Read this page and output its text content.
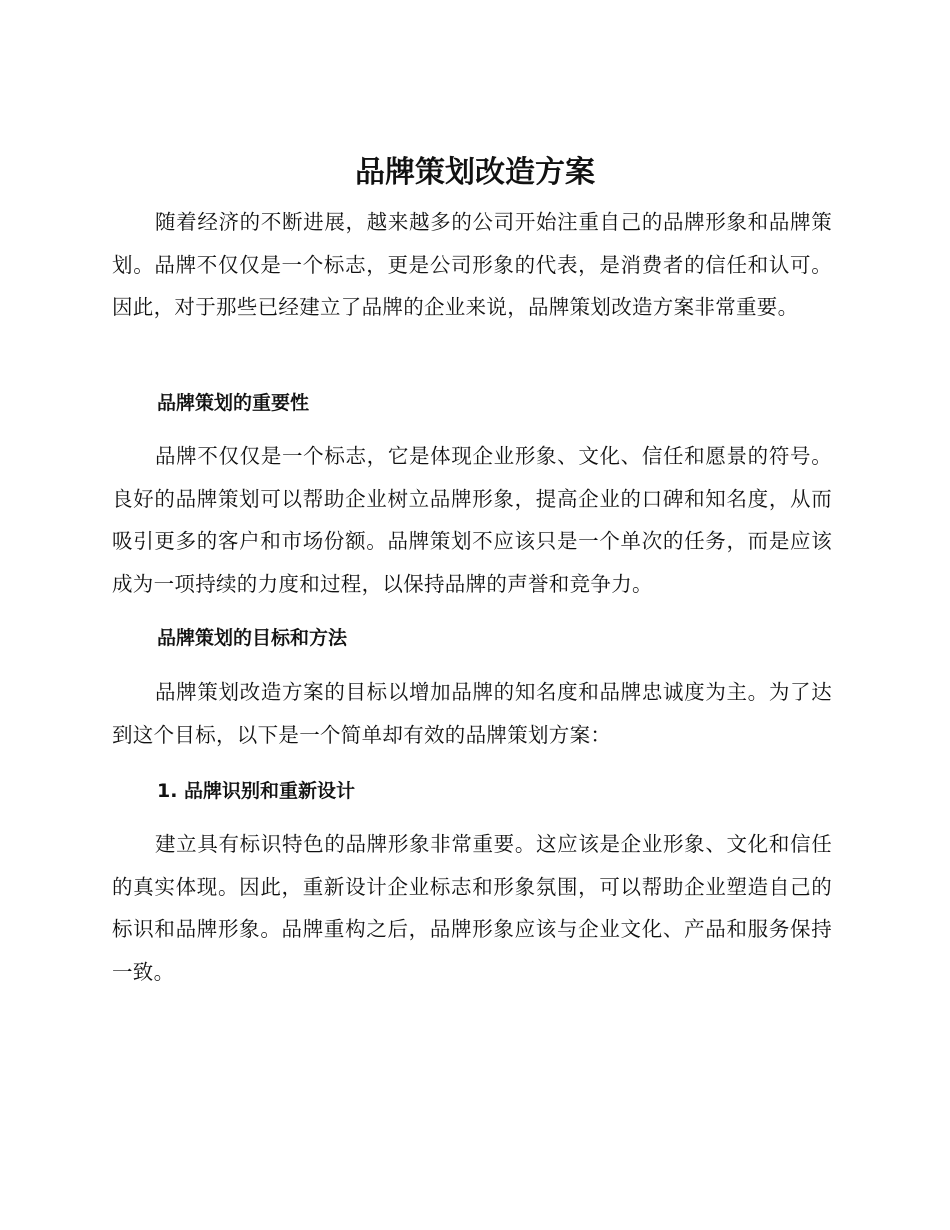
品牌策划改造方案

随着经济的不断进展，越来越多的公司开始注重自己的品牌形象和品牌策划。品牌不仅仅是一个标志，更是公司形象的代表，是消费者的信任和认可。因此，对于那些已经建立了品牌的企业来说，品牌策划改造方案非常重要。

品牌策划的重要性

品牌不仅仅是一个标志，它是体现企业形象、文化、信任和愿景的符号。良好的品牌策划可以帮助企业树立品牌形象，提高企业的口碑和知名度，从而吸引更多的客户和市场份额。品牌策划不应该只是一个单次的任务，而是应该成为一项持续的力度和过程，以保持品牌的声誉和竞争力。

品牌策划的目标和方法

品牌策划改造方案的目标以增加品牌的知名度和品牌忠诚度为主。为了达到这个目标，以下是一个简单却有效的品牌策划方案：

1. 品牌识别和重新设计

建立具有标识特色的品牌形象非常重要。这应该是企业形象、文化和信任的真实体现。因此，重新设计企业标志和形象氛围，可以帮助企业塑造自己的标识和品牌形象。品牌重构之后，品牌形象应该与企业文化、产品和服务保持一致。
